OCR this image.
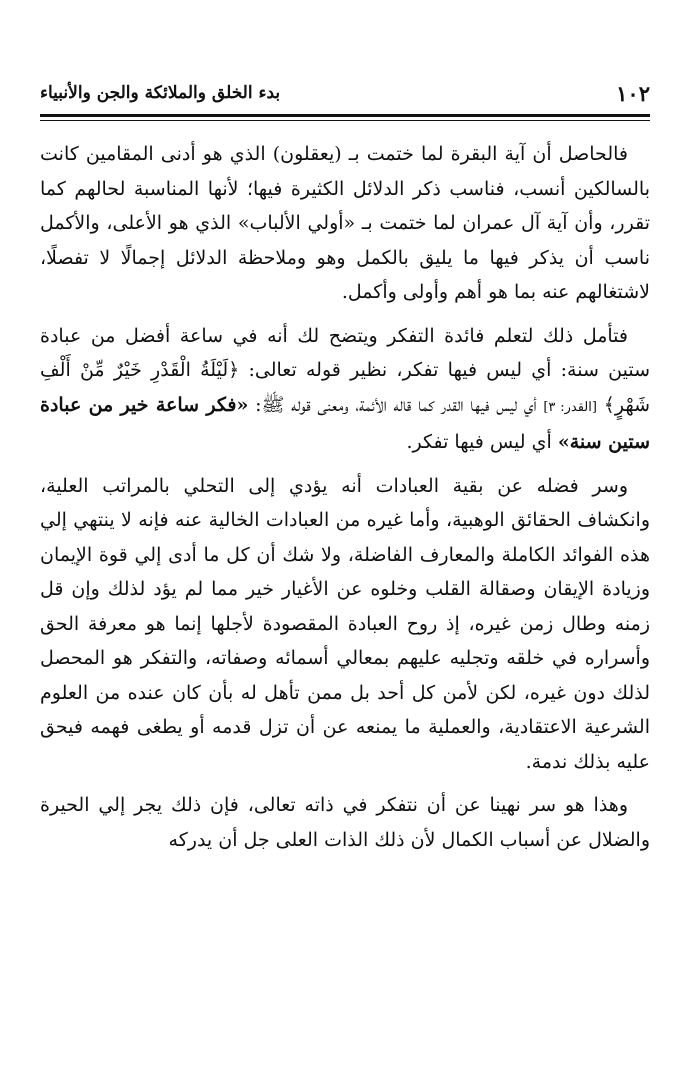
١٠٢
بدء الخلق والملائكة والجن والأنبياء

فالحاصل أن آية البقرة لما ختمت بـ (يعقلون) الذي هو أدنى المقامين كانت بالسالكين أنسب، فناسب ذكر الدلائل الكثيرة فيها؛ لأنها المناسبة لحالهم كما تقرر، وأن آية آل عمران لما ختمت بـ «أولي الألباب» الذي هو الأعلى، والأكمل ناسب أن يذكر فيها ما يليق بالكمل وهو وملاحظة الدلائل إجمالًا لا تفصلًا، لاشتغالهم عنه بما هو أهم وأولى وأكمل.

فتأمل ذلك لتعلم فائدة التفكر ويتضح لك أنه في ساعة أفضل من عبادة ستين سنة: أي ليس فيها تفكر، نظير قوله تعالى: ﴿لَيْلَةُ الْقَدْرِ خَيْرٌ مِّنْ أَلْفِ شَهْرٍ﴾ [القدر: ٣] أي ليس فيها القدر كما قاله الأئمة، ومعنى قوله ﷺ: «فكر ساعة خير من عبادة ستين سنة» أي ليس فيها تفكر.

وسر فضله عن بقية العبادات أنه يؤدي إلى التحلي بالمراتب العلية، وانكشاف الحقائق الوهبية، وأما غيره من العبادات الخالية عنه فإنه لا ينتهي إلي هذه الفوائد الكاملة والمعارف الفاضلة، ولا شك أن كل ما أدى إلي قوة الإيمان وزيادة الإيقان وصقالة القلب وخلوه عن الأغيار خير مما لم يؤد لذلك وإن قل زمنه وطال زمن غيره، إذ روح العبادة المقصودة لأجلها إنما هو معرفة الحق وأسراره في خلقه وتجليه عليهم بمعالي أسمائه وصفاته، والتفكر هو المحصل لذلك دون غيره، لكن لأمن كل أحد بل ممن تأهل له بأن كان عنده من العلوم الشرعية الاعتقادية، والعملية ما يمنعه عن أن تزل قدمه أو يطغى فهمه فيحق عليه بذلك ندمة.

وهذا هو سر نهينا عن أن نتفكر في ذاته تعالى، فإن ذلك يجر إلي الحيرة والضلال عن أسباب الكمال لأن ذلك الذات العلى جل أن يدركه
